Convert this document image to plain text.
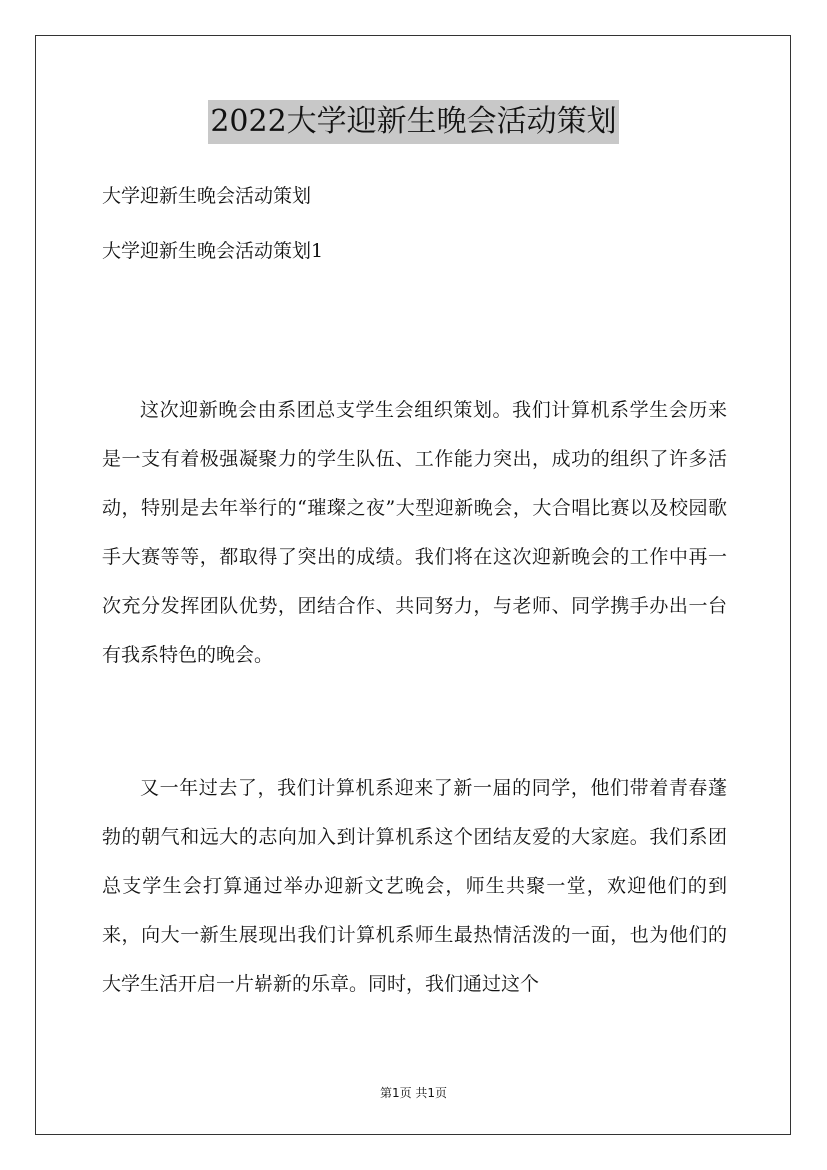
2022大学迎新生晚会活动策划
大学迎新生晚会活动策划
大学迎新生晚会活动策划1

这次迎新晚会由系团总支学生会组织策划。我们计算机系学生会历来是一支有着极强凝聚力的学生队伍、工作能力突出，成功的组织了许多活动，特别是去年举行的“璀璨之夜”大型迎新晚会，大合唱比赛以及校园歌手大赛等等，都取得了突出的成绩。我们将在这次迎新晚会的工作中再一次充分发挥团队优势，团结合作、共同努力，与老师、同学携手办出一台有我系特色的晚会。

又一年过去了，我们计算机系迎来了新一届的同学，他们带着青春蓬勃的朝气和远大的志向加入到计算机系这个团结友爱的大家庭。我们系团总支学生会打算通过举办迎新文艺晚会，师生共聚一堂，欢迎他们的到来，向大一新生展现出我们计算机系师生最热情活泼的一面，也为他们的大学生活开启一片崭新的乐章。同时，我们通过这个

第1页 共1页
